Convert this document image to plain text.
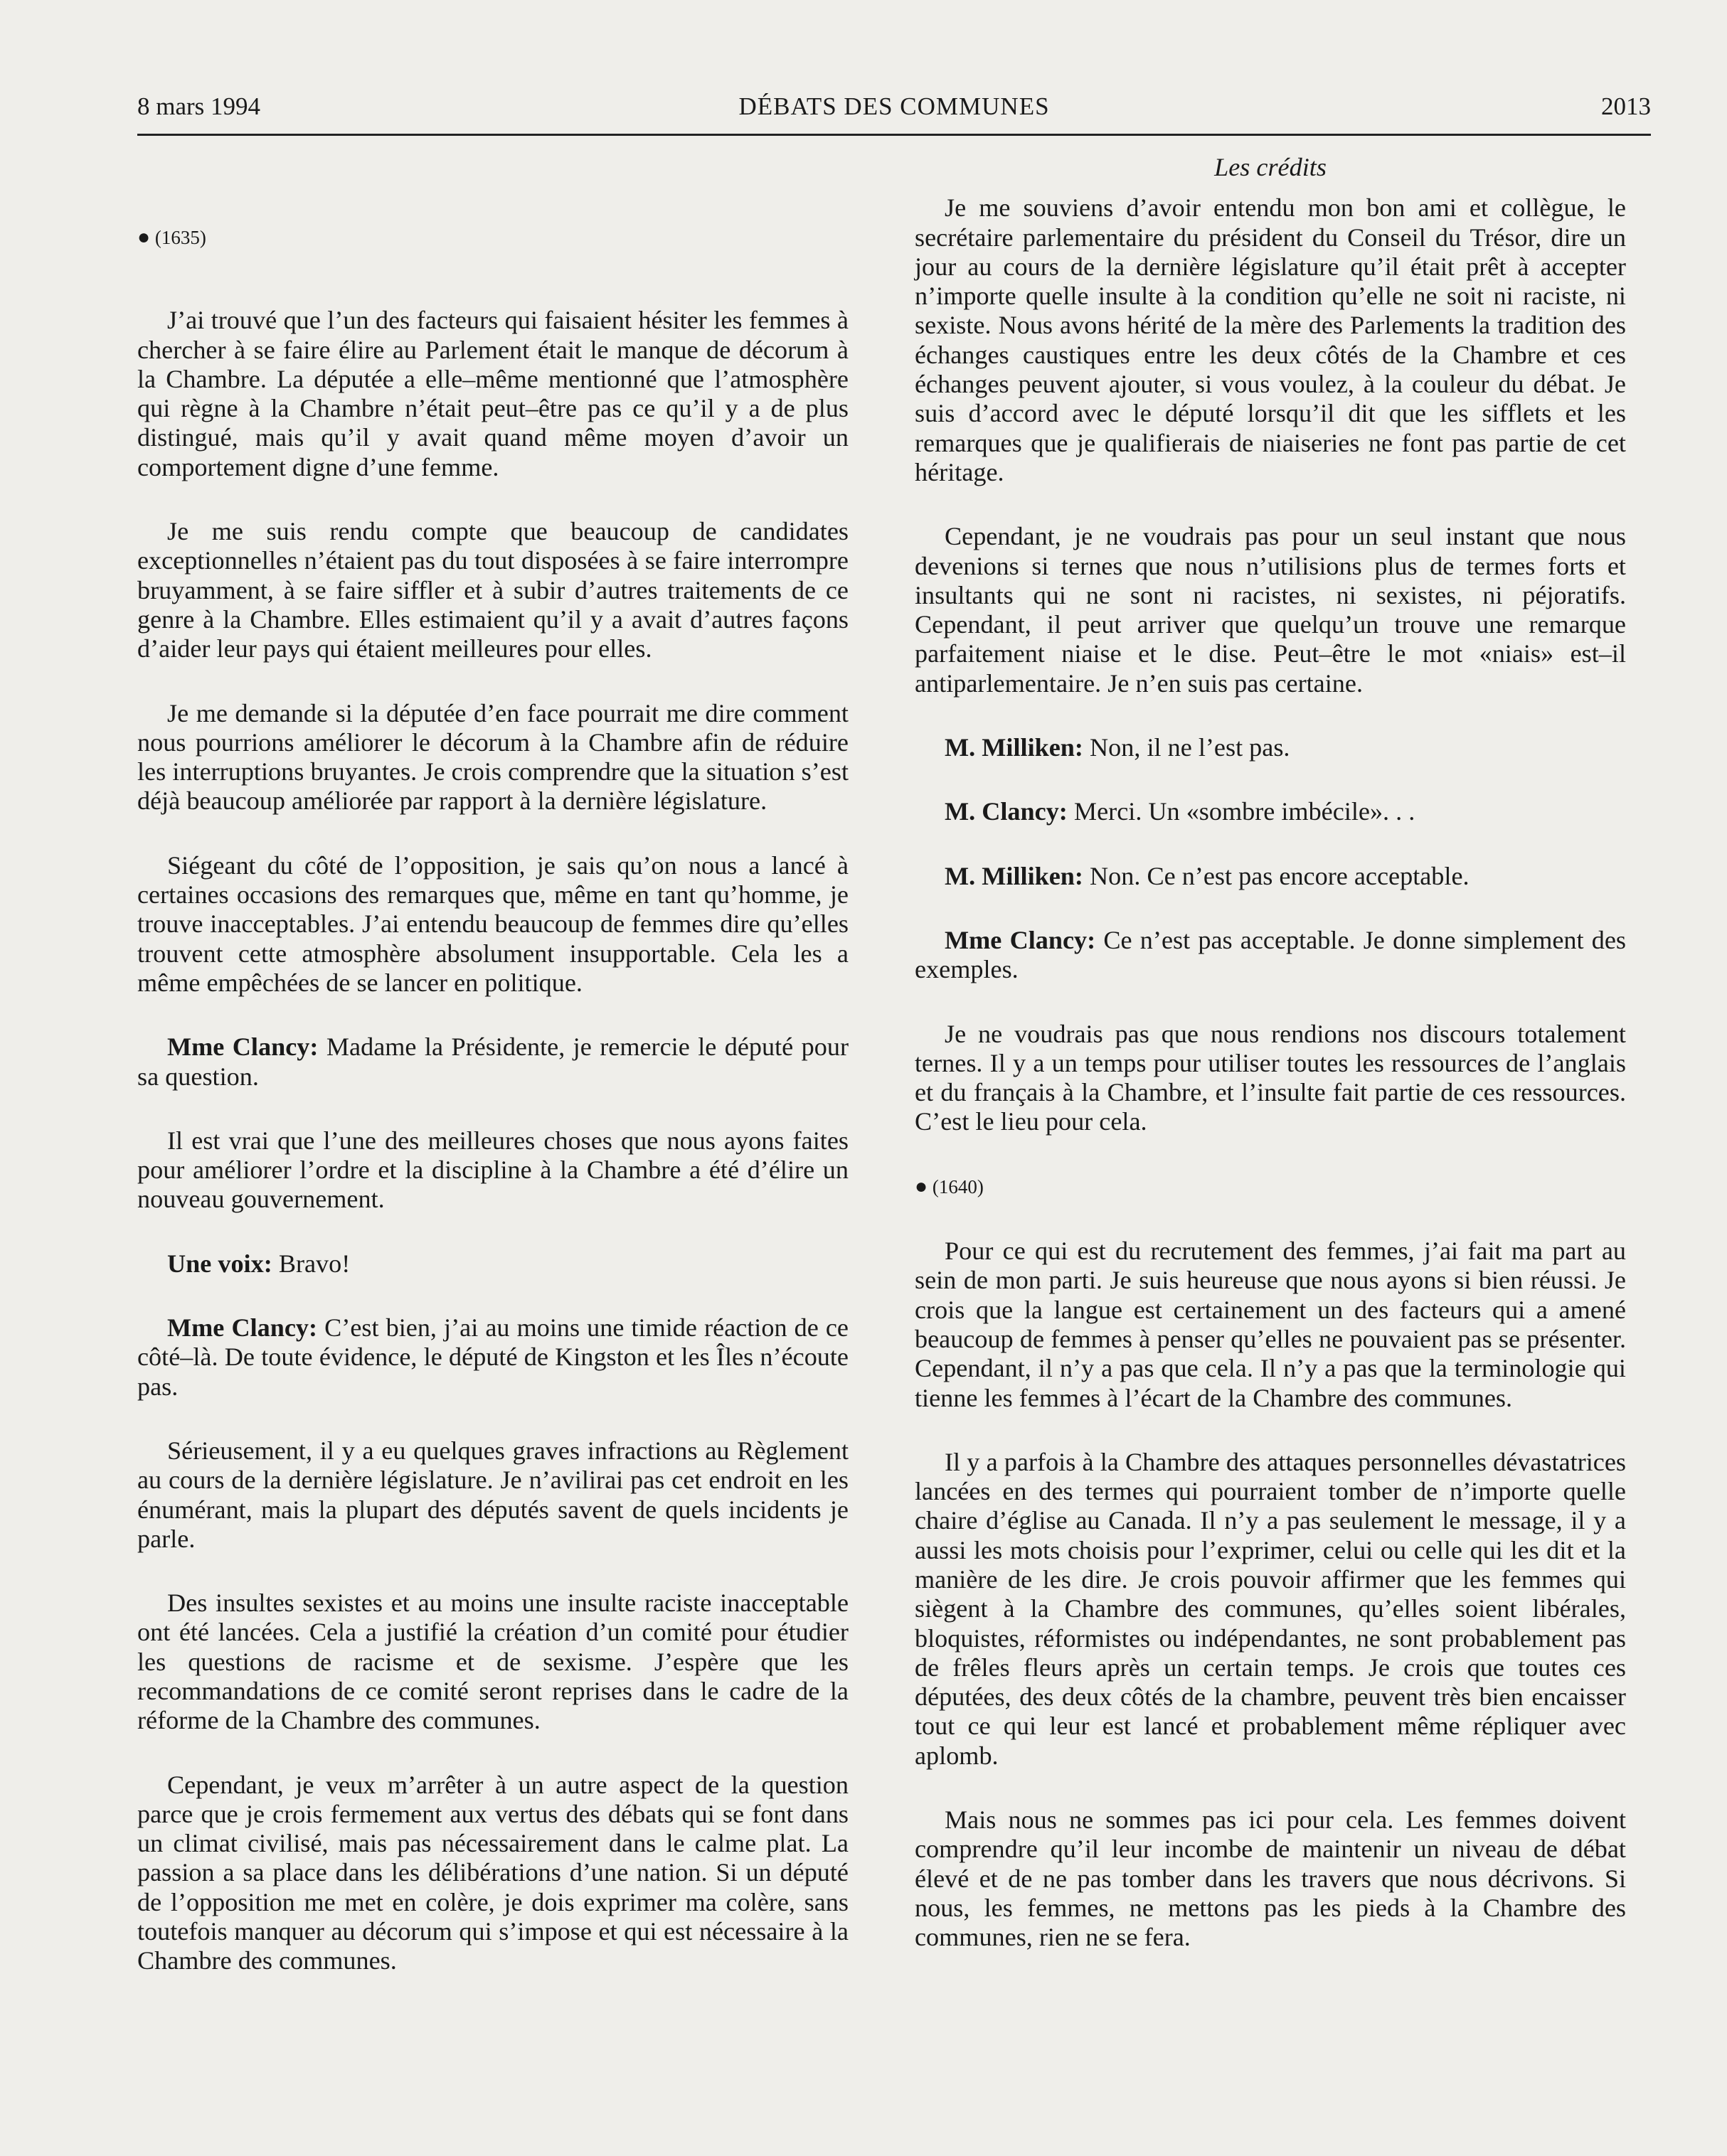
8 mars 1994	DÉBATS DES COMMUNES	2013
● (1635)

J’ai trouvé que l’un des facteurs qui faisaient hésiter les femmes à chercher à se faire élire au Parlement était le manque de décorum à la Chambre. La députée a elle–même mentionné que l’atmosphère qui règne à la Chambre n’était peut–être pas ce qu’il y a de plus distingué, mais qu’il y avait quand même moyen d’avoir un comportement digne d’une femme.

Je me suis rendu compte que beaucoup de candidates exceptionnelles n’étaient pas du tout disposées à se faire interrompre bruyamment, à se faire siffler et à subir d’autres traitements de ce genre à la Chambre. Elles estimaient qu’il y a avait d’autres façons d’aider leur pays qui étaient meilleures pour elles.

Je me demande si la députée d’en face pourrait me dire comment nous pourrions améliorer le décorum à la Chambre afin de réduire les interruptions bruyantes. Je crois comprendre que la situation s’est déjà beaucoup améliorée par rapport à la dernière législature.

Siégeant du côté de l’opposition, je sais qu’on nous a lancé à certaines occasions des remarques que, même en tant qu’homme, je trouve inacceptables. J’ai entendu beaucoup de femmes dire qu’elles trouvent cette atmosphère absolument insupportable. Cela les a même empêchées de se lancer en politique.

Mme Clancy: Madame la Présidente, je remercie le député pour sa question.

Il est vrai que l’une des meilleures choses que nous ayons faites pour améliorer l’ordre et la discipline à la Chambre a été d’élire un nouveau gouvernement.

Une voix: Bravo!

Mme Clancy: C’est bien, j’ai au moins une timide réaction de ce côté–là. De toute évidence, le député de Kingston et les Îles n’écoute pas.

Sérieusement, il y a eu quelques graves infractions au Règlement au cours de la dernière législature. Je n’avilirai pas cet endroit en les énumérant, mais la plupart des députés savent de quels incidents je parle.

Des insultes sexistes et au moins une insulte raciste inacceptable ont été lancées. Cela a justifié la création d’un comité pour étudier les questions de racisme et de sexisme. J’espère que les recommandations de ce comité seront reprises dans le cadre de la réforme de la Chambre des communes.

Cependant, je veux m’arrêter à un autre aspect de la question parce que je crois fermement aux vertus des débats qui se font dans un climat civilisé, mais pas nécessairement dans le calme plat. La passion a sa place dans les délibérations d’une nation. Si un député de l’opposition me met en colère, je dois exprimer ma colère, sans toutefois manquer au décorum qui s’impose et qui est nécessaire à la Chambre des communes.

Les crédits

Je me souviens d’avoir entendu mon bon ami et collègue, le secrétaire parlementaire du président du Conseil du Trésor, dire un jour au cours de la dernière législature qu’il était prêt à accepter n’importe quelle insulte à la condition qu’elle ne soit ni raciste, ni sexiste. Nous avons hérité de la mère des Parlements la tradition des échanges caustiques entre les deux côtés de la Chambre et ces échanges peuvent ajouter, si vous voulez, à la couleur du débat. Je suis d’accord avec le député lorsqu’il dit que les sifflets et les remarques que je qualifierais de niaiseries ne font pas partie de cet héritage.

Cependant, je ne voudrais pas pour un seul instant que nous devenions si ternes que nous n’utilisions plus de termes forts et insultants qui ne sont ni racistes, ni sexistes, ni péjoratifs. Cependant, il peut arriver que quelqu’un trouve une remarque parfaitement niaise et le dise. Peut–être le mot «niais» est–il antiparlementaire. Je n’en suis pas certaine.

M. Milliken: Non, il ne l’est pas.

M. Clancy: Merci. Un «sombre imbécile». . .

M. Milliken: Non. Ce n’est pas encore acceptable.

Mme Clancy: Ce n’est pas acceptable. Je donne simplement des exemples.

Je ne voudrais pas que nous rendions nos discours totalement ternes. Il y a un temps pour utiliser toutes les ressources de l’anglais et du français à la Chambre, et l’insulte fait partie de ces ressources. C’est le lieu pour cela.

● (1640)

Pour ce qui est du recrutement des femmes, j’ai fait ma part au sein de mon parti. Je suis heureuse que nous ayons si bien réussi. Je crois que la langue est certainement un des facteurs qui a amené beaucoup de femmes à penser qu’elles ne pouvaient pas se présenter. Cependant, il n’y a pas que cela. Il n’y a pas que la terminologie qui tienne les femmes à l’écart de la Chambre des communes.

Il y a parfois à la Chambre des attaques personnelles dévastatrices lancées en des termes qui pourraient tomber de n’importe quelle chaire d’église au Canada. Il n’y a pas seulement le message, il y a aussi les mots choisis pour l’exprimer, celui ou celle qui les dit et la manière de les dire. Je crois pouvoir affirmer que les femmes qui siègent à la Chambre des communes, qu’elles soient libérales, bloquistes, réformistes ou indépendantes, ne sont probablement pas de frêles fleurs après un certain temps. Je crois que toutes ces députées, des deux côtés de la chambre, peuvent très bien encaisser tout ce qui leur est lancé et probablement même répliquer avec aplomb.

Mais nous ne sommes pas ici pour cela. Les femmes doivent comprendre qu’il leur incombe de maintenir un niveau de débat élevé et de ne pas tomber dans les travers que nous décrivons. Si nous, les femmes, ne mettons pas les pieds à la Chambre des communes, rien ne se fera.
